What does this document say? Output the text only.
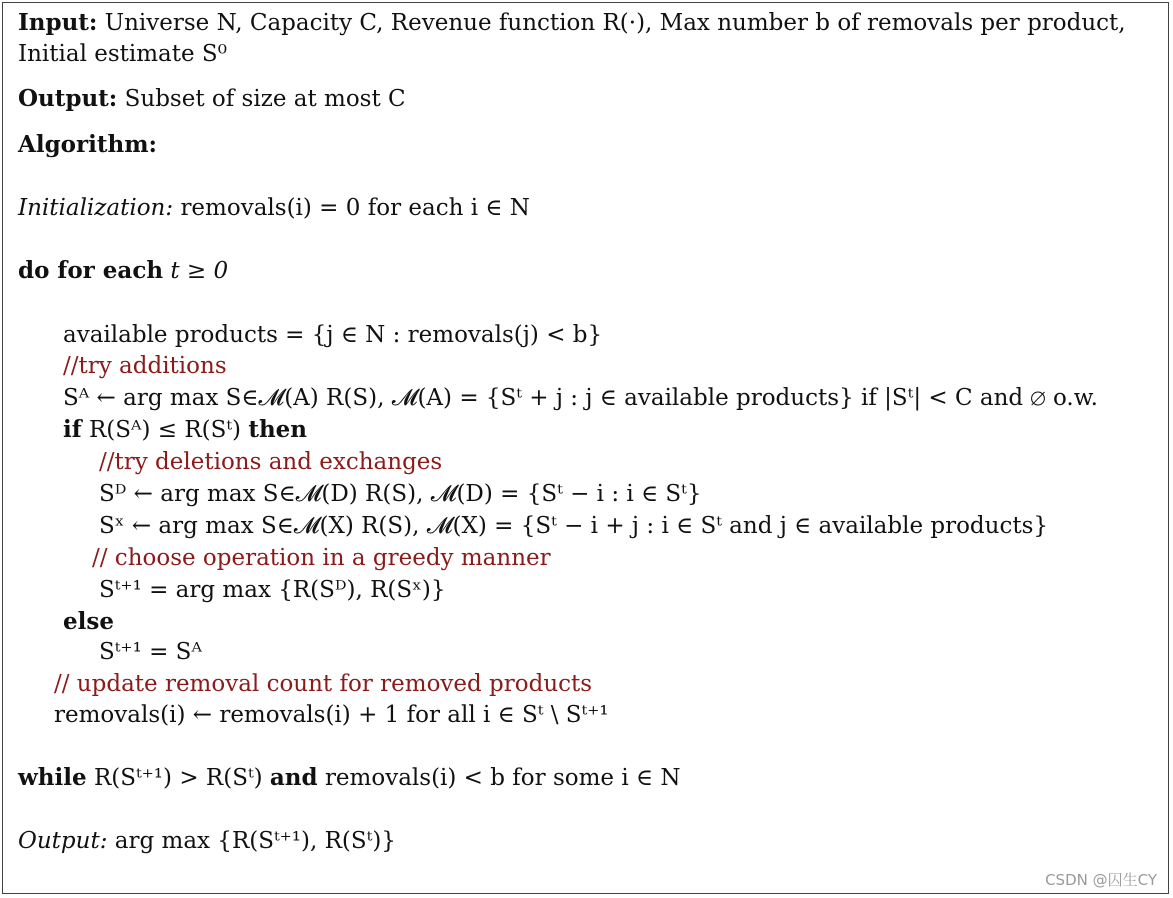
Input: Universe N, Capacity C, Revenue function R(·), Max number b of removals per product,
Initial estimate S⁰
Output: Subset of size at most C
Algorithm:
Initialization: removals(i) = 0 for each i ∈ N
do for each t ≥ 0
available products = {j ∈ N : removals(j) < b}
//try additions
Sᴬ ← arg max S∈𝓜(A) R(S), 𝓜(A) = {Sᵗ + j : j ∈ available products} if |Sᵗ| < C and ∅ o.w.
if R(Sᴬ) ≤ R(Sᵗ) then
//try deletions and exchanges
Sᴰ ← arg max S∈𝓜(D) R(S), 𝓜(D) = {Sᵗ − i : i ∈ Sᵗ}
Sˣ ← arg max S∈𝓜(X) R(S), 𝓜(X) = {Sᵗ − i + j : i ∈ Sᵗ and j ∈ available products}
// choose operation in a greedy manner
Sᵗ⁺¹ = arg max {R(Sᴰ), R(Sˣ)}
else
Sᵗ⁺¹ = Sᴬ
// update removal count for removed products
removals(i) ← removals(i) + 1 for all i ∈ Sᵗ \ Sᵗ⁺¹
while R(Sᵗ⁺¹) > R(Sᵗ) and removals(i) < b for some i ∈ N
Output: arg max {R(Sᵗ⁺¹), R(Sᵗ)}
CSDN @囚生CY
